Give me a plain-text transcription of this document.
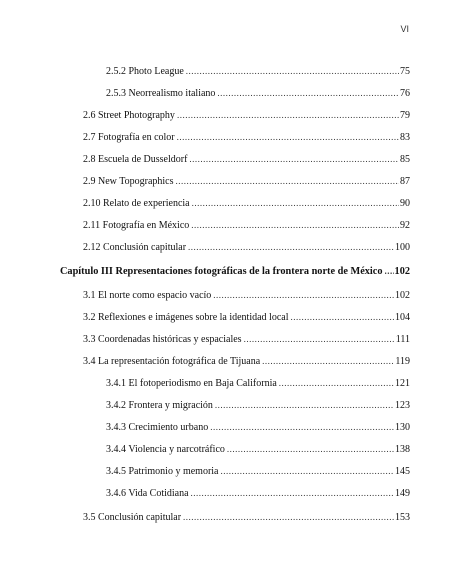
VI
2.5.2 Photo League .....	75
2.5.3 Neorrealismo italiano .....	76
2.6 Street Photography .....	79
2.7 Fotografía en color .....	83
2.8 Escuela de Dusseldorf .....	85
2.9 New Topographics .....	87
2.10 Relato de experiencia .....	90
2.11 Fotografía en México .....	92
2.12 Conclusión capitular .....	100
Capítulo III Representaciones fotográficas de la frontera norte de México ..... 102
3.1 El norte como espacio vacío .....	102
3.2 Reflexiones e imágenes sobre la identidad local .....	104
3.3 Coordenadas históricas y espaciales .....	111
3.4 La representación fotográfica de Tijuana .....	119
3.4.1 El fotoperiodismo en Baja California .....	121
3.4.2 Frontera y migración .....	123
3.4.3 Crecimiento urbano .....	130
3.4.4 Violencia y narcotráfico .....	138
3.4.5 Patrimonio y memoria .....	145
3.4.6 Vida Cotidiana .....	149
3.5 Conclusión capitular .....	153
